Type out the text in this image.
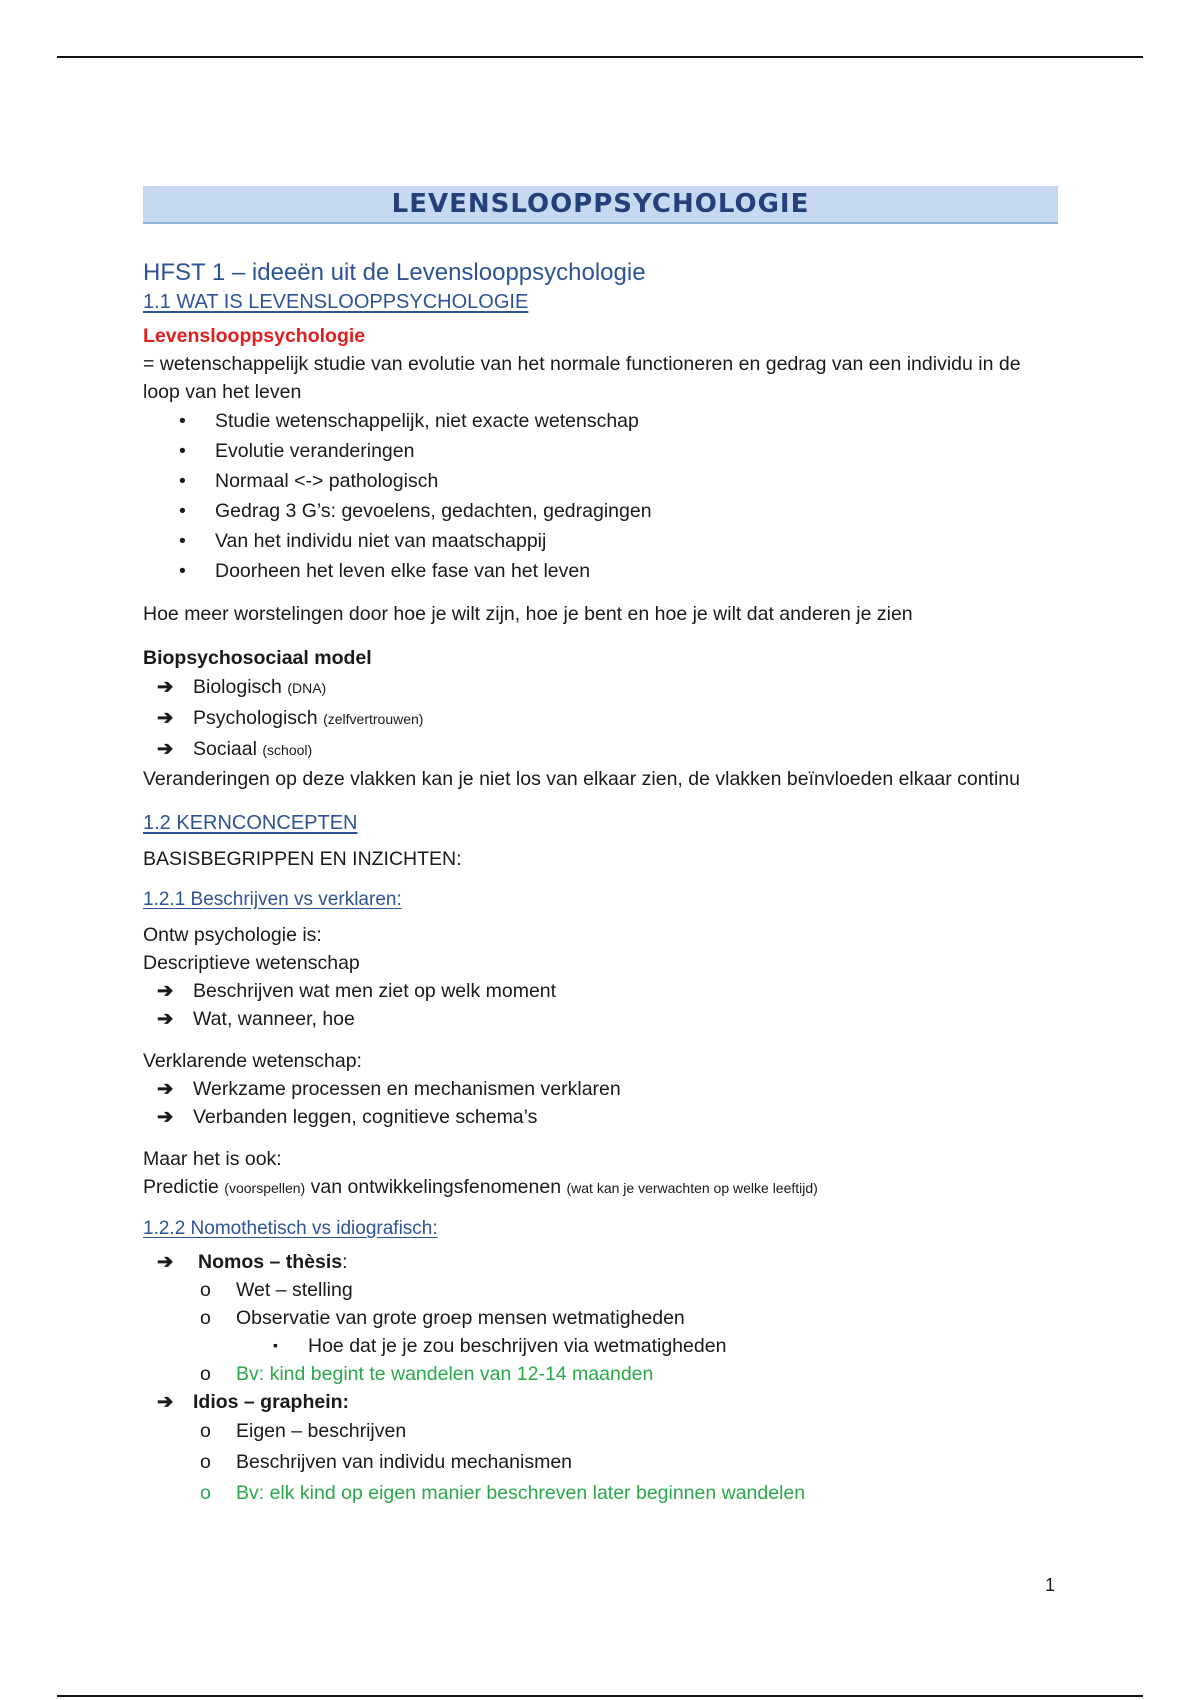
LEVENSLOOPPSYCHOLOGIE
HFST 1 – ideeën uit de Levenslooppsychologie
1.1 WAT IS LEVENSLOOPPSYCHOLOGIE
Levenslooppsychologie
= wetenschappelijk studie van evolutie van het normale functioneren en gedrag van een individu in de loop van het leven
• Studie wetenschappelijk, niet exacte wetenschap
• Evolutie veranderingen
• Normaal <-> pathologisch
• Gedrag 3 G’s: gevoelens, gedachten, gedragingen
• Van het individu niet van maatschappij
• Doorheen het leven elke fase van het leven
Hoe meer worstelingen door hoe je wilt zijn, hoe je bent en hoe je wilt dat anderen je zien
Biopsychosociaal model
➔ Biologisch (DNA)
➔ Psychologisch (zelfvertrouwen)
➔ Sociaal (school)
Veranderingen op deze vlakken kan je niet los van elkaar zien, de vlakken beïnvloeden elkaar continu
1.2 KERNCONCEPTEN
BASISBEGRIPPEN EN INZICHTEN:
1.2.1 Beschrijven vs verklaren:
Ontw psychologie is:
Descriptieve wetenschap
➔ Beschrijven wat men ziet op welk moment
➔ Wat, wanneer, hoe
Verklarende wetenschap:
➔ Werkzame processen en mechanismen verklaren
➔ Verbanden leggen, cognitieve schema’s
Maar het is ook:
Predictie (voorspellen) van ontwikkelingsfenomenen (wat kan je verwachten op welke leeftijd)
1.2.2 Nomothetisch vs idiografisch:
➔ Nomos – thèsis:
o Wet – stelling
o Observatie van grote groep mensen wetmatigheden
▪ Hoe dat je je zou beschrijven via wetmatigheden
o Bv: kind begint te wandelen van 12-14 maanden
➔ Idios – graphein:
o Eigen – beschrijven
o Beschrijven van individu mechanismen
o Bv: elk kind op eigen manier beschreven later beginnen wandelen
1
